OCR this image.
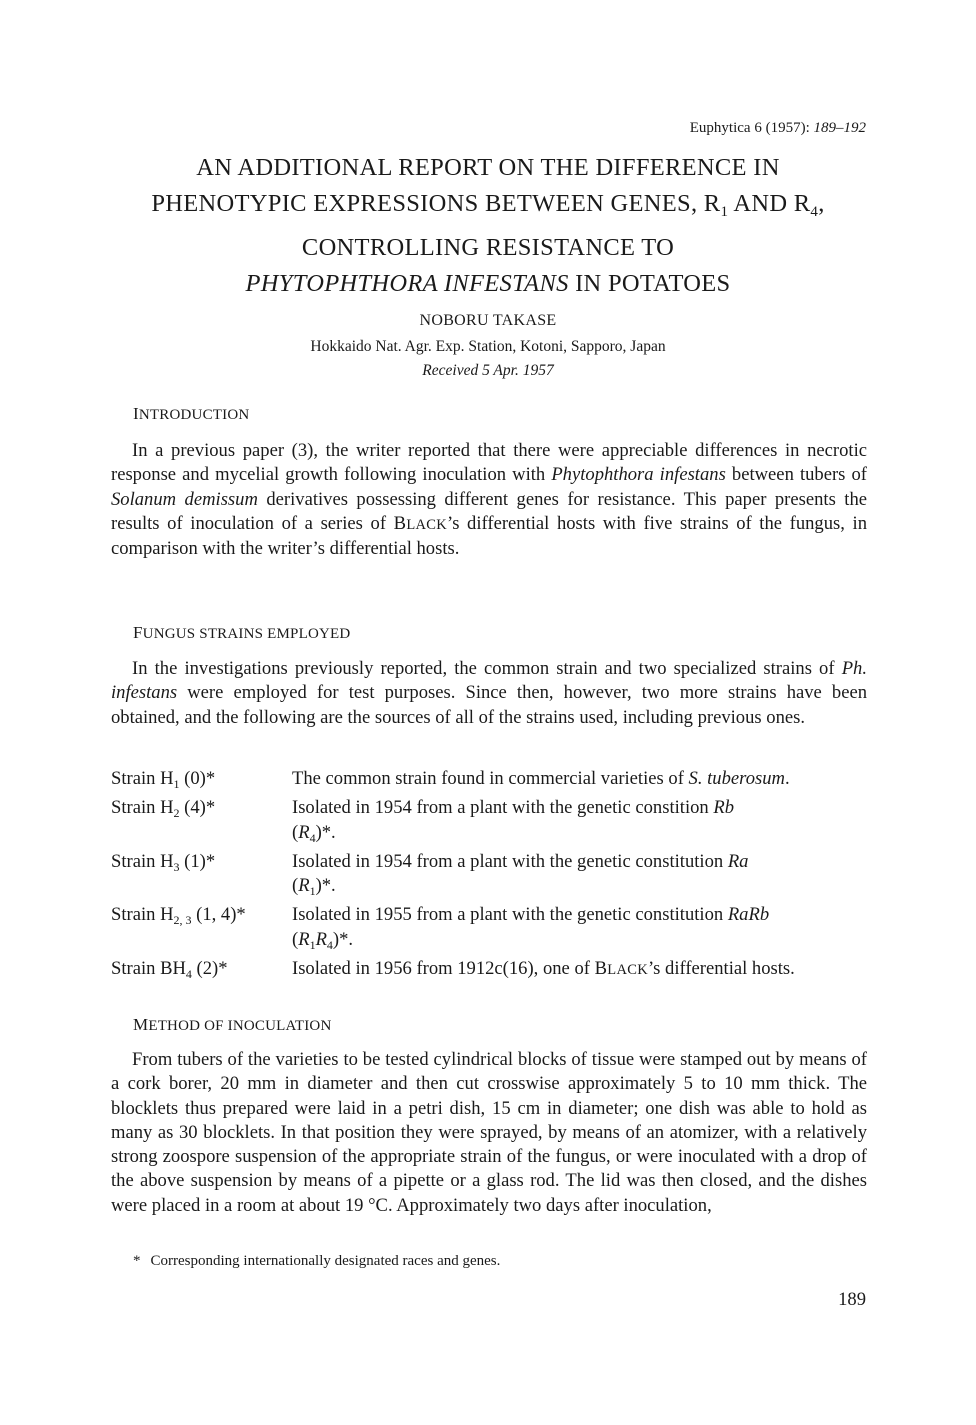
Euphytica 6 (1957): 189–192
AN ADDITIONAL REPORT ON THE DIFFERENCE IN
PHENOTYPIC EXPRESSIONS BETWEEN GENES, $R_1$ AND $R_4$,
CONTROLLING RESISTANCE TO
PHYTOPHTHORA INFESTANS IN POTATOES
NOBORU TAKASE
Hokkaido Nat. Agr. Exp. Station, Kotoni, Sapporo, Japan
Received 5 Apr. 1957
INTRODUCTION
In a previous paper (3), the writer reported that there were appreciable differences in necrotic response and mycelial growth following inoculation with Phytophthora infestans between tubers of Solanum demissum derivatives possessing different genes for resistance. This paper presents the results of inoculation of a series of BLACK’s differential hosts with five strains of the fungus, in comparison with the writer’s differential hosts.
FUNGUS STRAINS EMPLOYED
In the investigations previously reported, the common strain and two specialized strains of Ph. infestans were employed for test purposes. Since then, however, two more strains have been obtained, and the following are the sources of all of the strains used, including previous ones.
Strain $H_1$ (0)*	The common strain found in commercial varieties of S. tuberosum.
Strain $H_2$ (4)*	Isolated in 1954 from a plant with the genetic constition Rb
$(R_4)*$.
Strain $H_3$ (1)*	Isolated in 1954 from a plant with the genetic constitution Ra
$(R_1)*$.
Strain $H_{2, 3}$ (1, 4)*	Isolated in 1955 from a plant with the genetic constitution RaRb
$(R_1R_4)*$.
Strain $BH_4$ (2)*	Isolated in 1956 from 1912c(16), one of BLACK’s differential hosts.
METHOD OF INOCULATION
From tubers of the varieties to be tested cylindrical blocks of tissue were stamped out by means of a cork borer, 20 mm in diameter and then cut crosswise approximately 5 to 10 mm thick. The blocklets thus prepared were laid in a petri dish, 15 cm in diameter; one dish was able to hold as many as 30 blocklets. In that position they were sprayed, by means of an atomizer, with a relatively strong zoospore suspension of the appropriate strain of the fungus, or were inoculated with a drop of the above suspension by means of a pipette or a glass rod. The lid was then closed, and the dishes were placed in a room at about 19 °C. Approximately two days after inoculation,
* Corresponding internationally designated races and genes.
189
